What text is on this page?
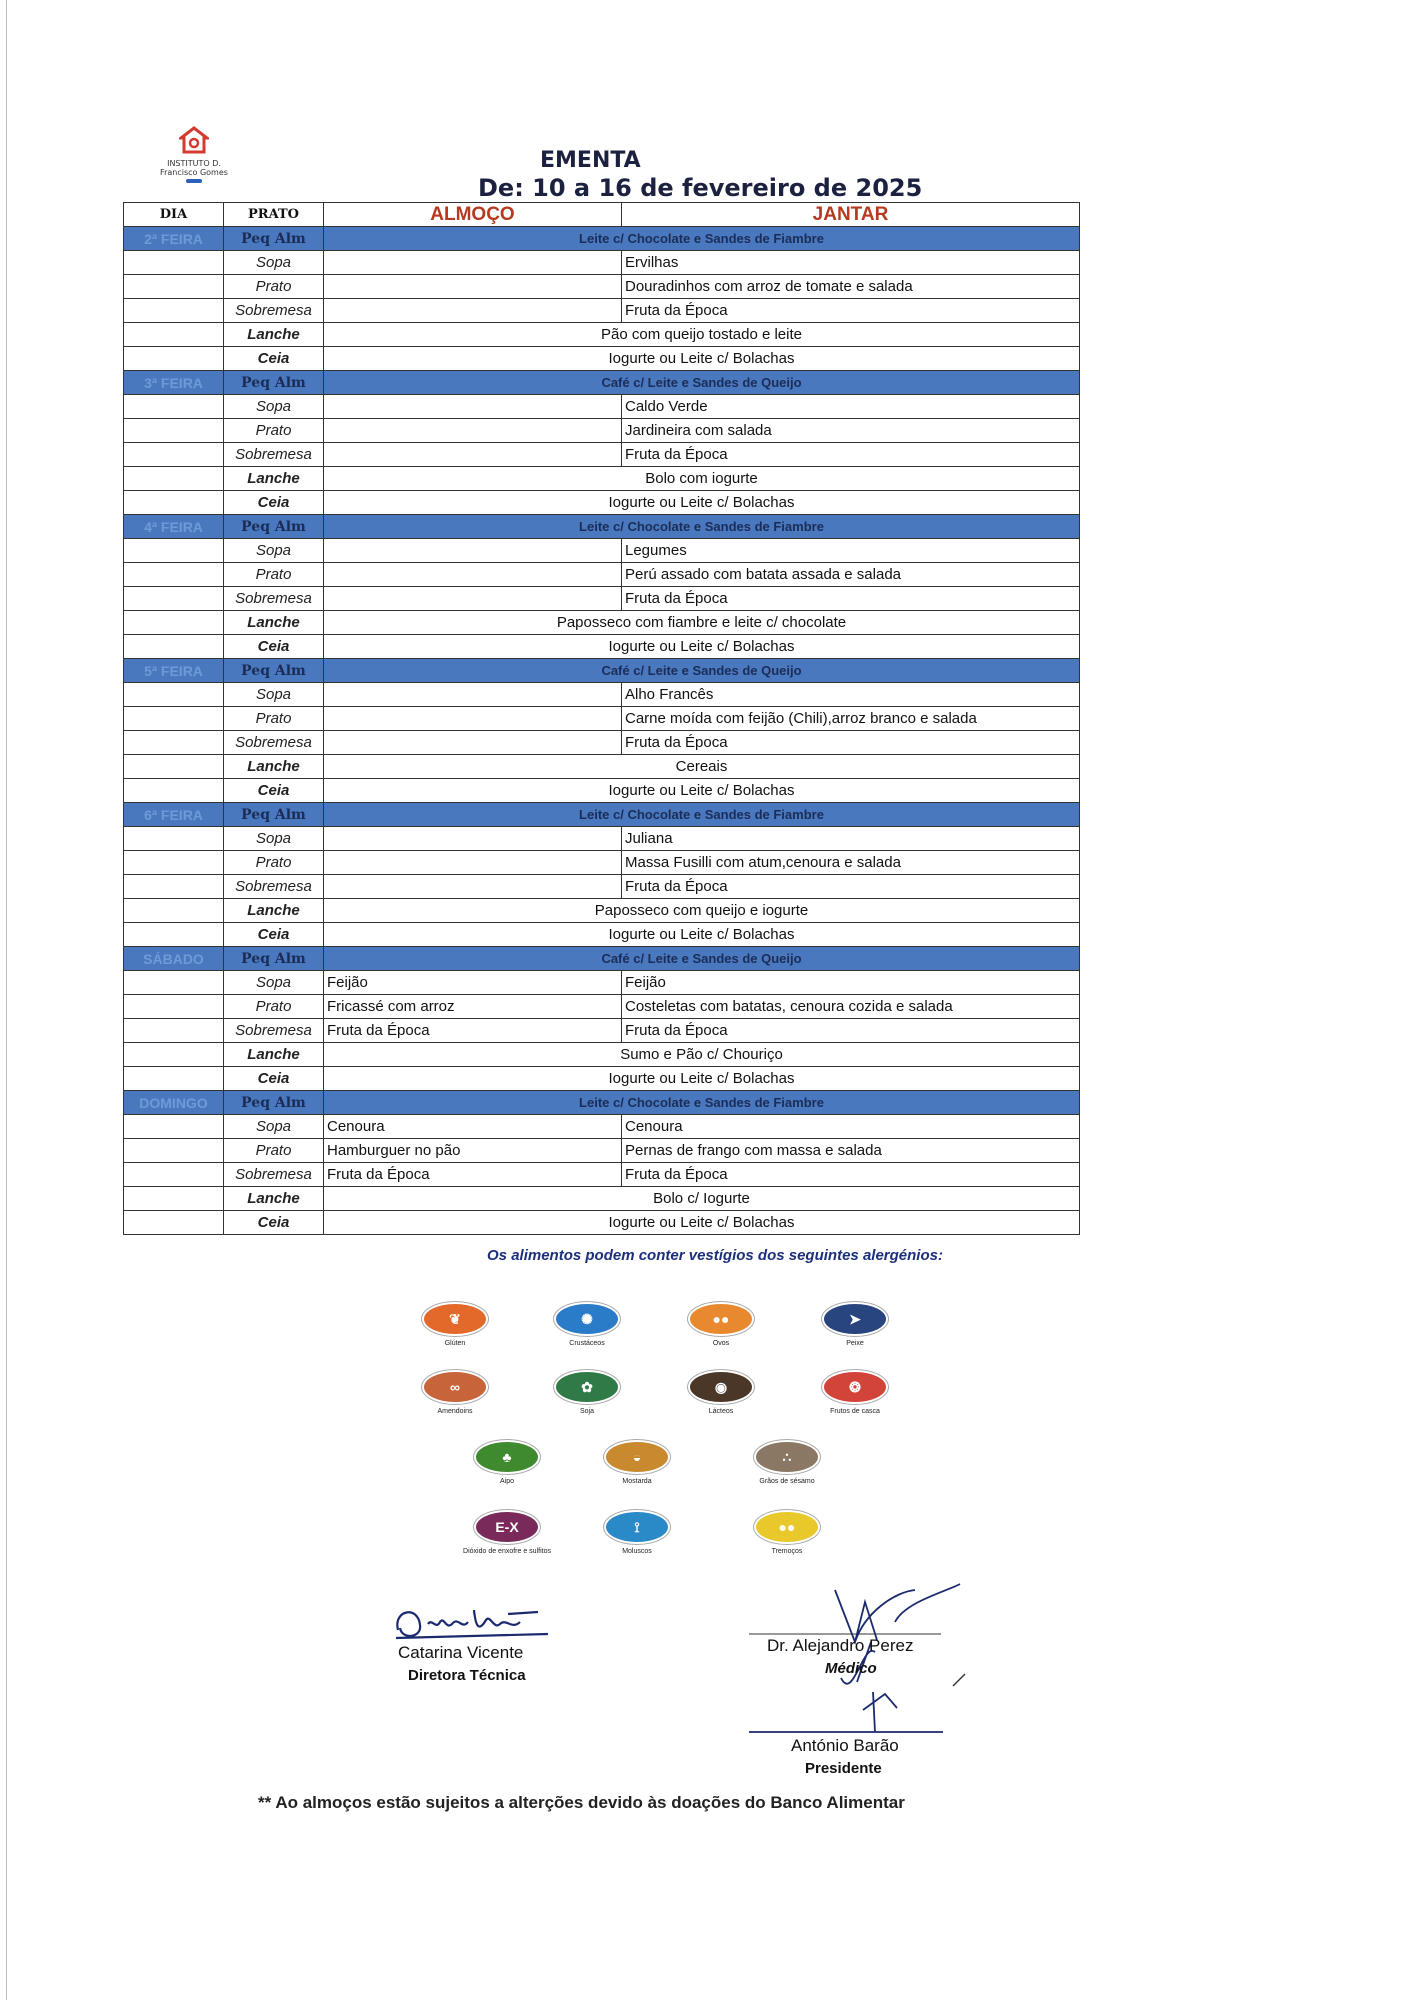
INSTITUTO D. Francisco Gomes	EMENTA
De: 10 a 16 de fevereiro de 2025
DIA	PRATO	ALMOÇO	JANTAR
2ª FEIRA	Peq Alm	Leite c/ Chocolate e Sandes de Fiambre	
	Sopa		Ervilhas
	Prato		Douradinhos com arroz de tomate e salada
	Sobremesa		Fruta da Época
	Lanche	Pão com queijo tostado e leite	
	Ceia	Iogurte ou Leite c/ Bolachas	
3ª FEIRA	Peq Alm	Café c/ Leite e Sandes de Queijo	
	Sopa		Caldo Verde
	Prato		Jardineira com salada
	Sobremesa		Fruta da Época
	Lanche	Bolo com iogurte	
	Ceia	Iogurte ou Leite c/ Bolachas	
4ª FEIRA	Peq Alm	Leite c/ Chocolate e Sandes de Fiambre	
	Sopa		Legumes
	Prato		Perú assado com batata assada e salada
	Sobremesa		Fruta da Época
	Lanche	Paposseco com fiambre e leite c/ chocolate	
	Ceia	Iogurte ou Leite c/ Bolachas	
5ª FEIRA	Peq Alm	Café c/ Leite e Sandes de Queijo	
	Sopa		Alho Francês
	Prato		Carne moída com feijão (Chili),arroz branco e salada
	Sobremesa		Fruta da Época
	Lanche	Cereais	
	Ceia	Iogurte ou Leite c/ Bolachas	
6ª FEIRA	Peq Alm	Leite c/ Chocolate e Sandes de Fiambre	
	Sopa		Juliana
	Prato		Massa Fusilli com atum,cenoura e salada
	Sobremesa		Fruta da Época
	Lanche	Paposseco com queijo e iogurte	
	Ceia	Iogurte ou Leite c/ Bolachas	
SÁBADO	Peq Alm	Café c/ Leite e Sandes de Queijo	
	Sopa	Feijão	Feijão
	Prato	Fricassé com arroz	Costeletas com batatas, cenoura cozida e salada
	Sobremesa	Fruta da Época	Fruta da Época
	Lanche	Sumo e Pão c/ Chouriço	
	Ceia	Iogurte ou Leite c/ Bolachas	
DOMINGO	Peq Alm	Leite c/ Chocolate e Sandes de Fiambre	
	Sopa	Cenoura	Cenoura
	Prato	Hamburguer no pão	Pernas de frango com massa e salada
	Sobremesa	Fruta da Época	Fruta da Época
	Lanche	Bolo c/ Iogurte	
	Ceia	Iogurte ou Leite c/ Bolachas	
Os alimentos podem conter vestígios dos seguintes alergénios:
❦
Glúten
✺
Crustáceos
●●
Ovos
➤
Peixe
∞
Amendoins
✿
Soja
◉
Lácteos
❂
Frutos de casca
♣
Aipo
◒
Mostarda
∴
Grãos de sésamo
E-X
Dióxido de enxofre e sulfitos
⟟
Moluscos
●●
Tremoços
Catarina Vicente
Diretora Técnica
Dr. Alejandro Perez
Médico
António Barão
Presidente
** Ao almoços estão sujeitos a alterções devido às doações do Banco Alimentar
